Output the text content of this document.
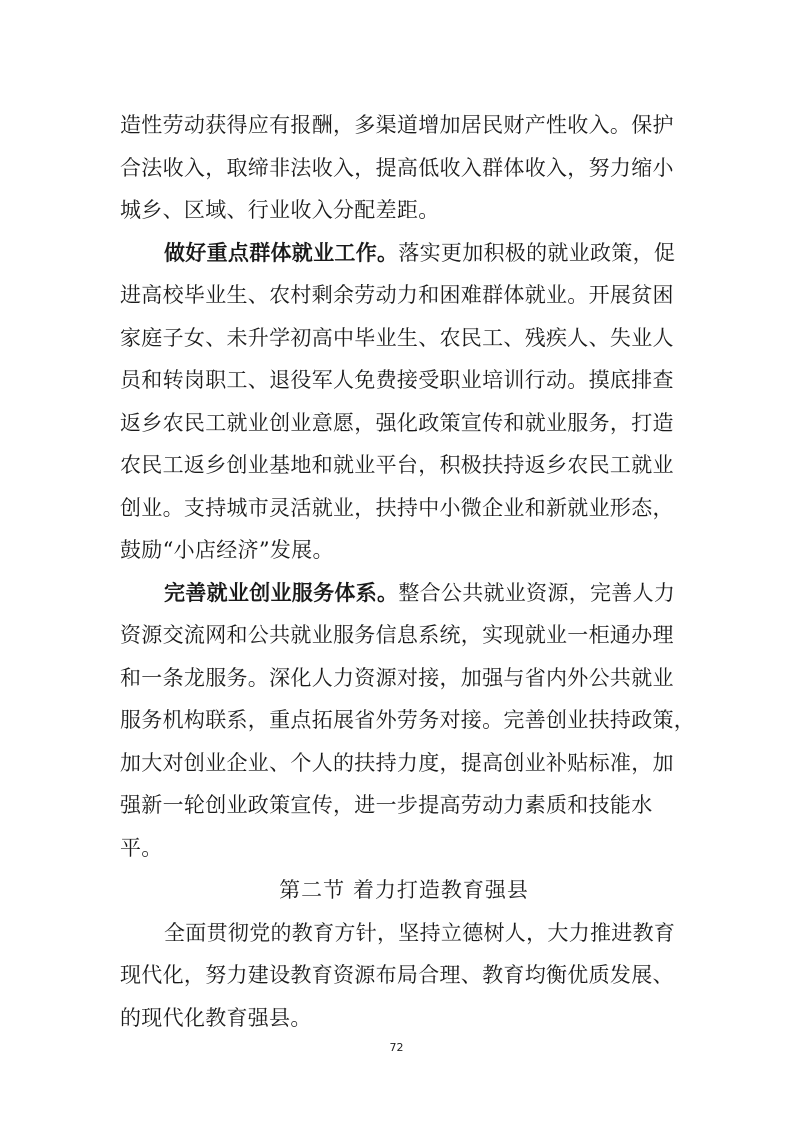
造性劳动获得应有报酬，多渠道增加居民财产性收入。保护
合法收入，取缔非法收入，提高低收入群体收入，努力缩小
城乡、区域、行业收入分配差距。
做好重点群体就业工作。落实更加积极的就业政策，促
进高校毕业生、农村剩余劳动力和困难群体就业。开展贫困
家庭子女、未升学初高中毕业生、农民工、残疾人、失业人
员和转岗职工、退役军人免费接受职业培训行动。摸底排查
返乡农民工就业创业意愿，强化政策宣传和就业服务，打造
农民工返乡创业基地和就业平台，积极扶持返乡农民工就业
创业。支持城市灵活就业，扶持中小微企业和新就业形态，
鼓励“小店经济”发展。
完善就业创业服务体系。整合公共就业资源，完善人力
资源交流网和公共就业服务信息系统，实现就业一柜通办理
和一条龙服务。深化人力资源对接，加强与省内外公共就业
服务机构联系，重点拓展省外劳务对接。完善创业扶持政策，
加大对创业企业、个人的扶持力度，提高创业补贴标准，加
强新一轮创业政策宣传，进一步提高劳动力素质和技能水
平。
第二节 着力打造教育强县
全面贯彻党的教育方针，坚持立德树人，大力推进教育
现代化，努力建设教育资源布局合理、教育均衡优质发展、
的现代化教育强县。
72
